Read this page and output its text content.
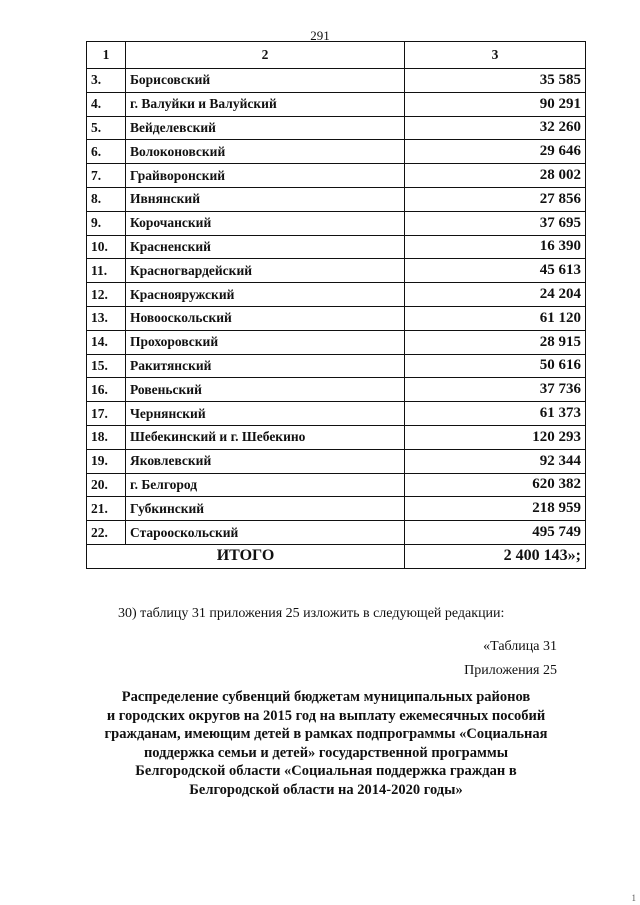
291
1	2	3
3.	Борисовский	35 585
4.	г. Валуйки и Валуйский	90 291
5.	Вейделевский	32 260
6.	Волоконовский	29 646
7.	Грайворонский	28 002
8.	Ивнянский	27 856
9.	Корочанский	37 695
10.	Красненский	16 390
11.	Красногвардейский	45 613
12.	Краснояружский	24 204
13.	Новооскольский	61 120
14.	Прохоровский	28 915
15.	Ракитянский	50 616
16.	Ровеньский	37 736
17.	Чернянский	61 373
18.	Шебекинский и г. Шебекино	120 293
19.	Яковлевский	92 344
20.	г. Белгород	620 382
21.	Губкинский	218 959
22.	Старооскольский	495 749
ИТОГО		2 400 143»;
30) таблицу 31 приложения 25 изложить в следующей редакции:
«Таблица 31
Приложения 25
Распределение субвенций бюджетам муниципальных районов
и городских округов на 2015 год на выплату ежемесячных пособий
гражданам, имеющим детей в рамках подпрограммы «Социальная
поддержка семьи и детей» государственной программы
Белгородской области «Социальная поддержка граждан в
Белгородской области на 2014-2020 годы»
1
